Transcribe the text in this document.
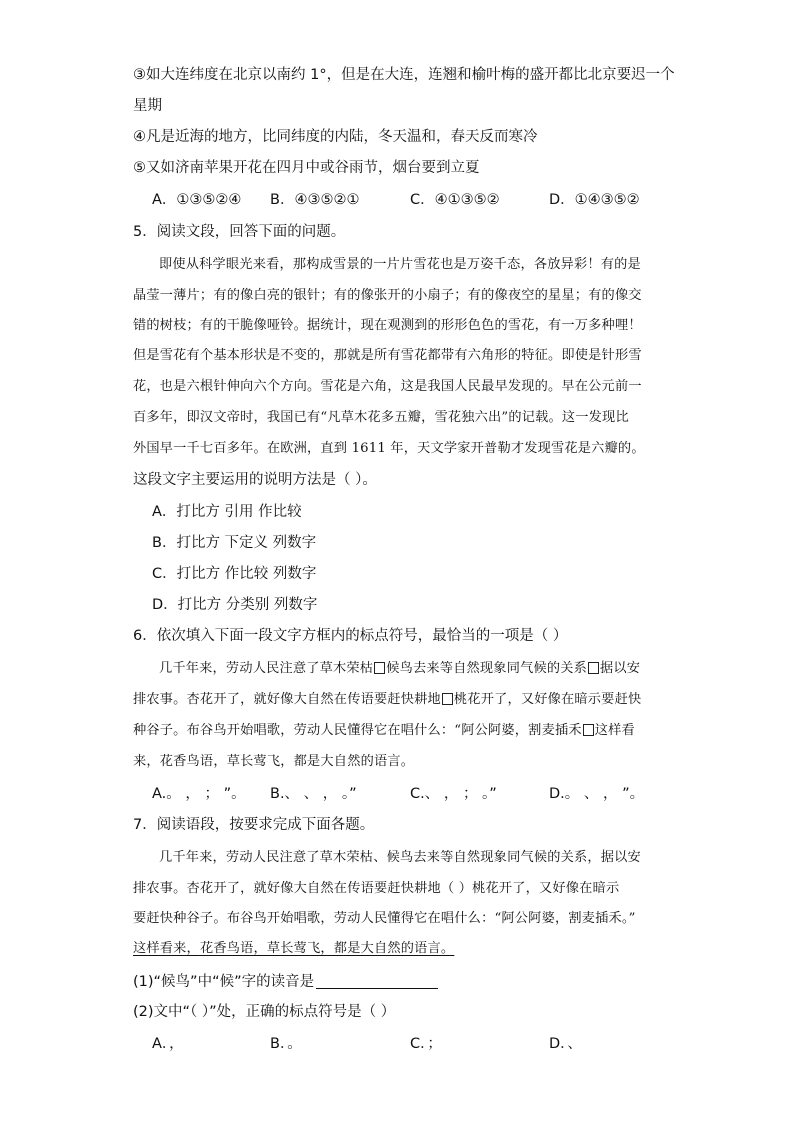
③如大连纬度在北京以南约 1°，但是在大连，连翘和榆叶梅的盛开都比北京要迟一个
星期
④凡是近海的地方，比同纬度的内陆，冬天温和，春天反而寒冷
⑤又如济南苹果开花在四月中或谷雨节，烟台要到立夏
A．①③⑤②④ B．④③⑤②①	C．④①③⑤②	D．①④③⑤②
5．阅读文段，回答下面的问题。
即使从科学眼光来看，那构成雪景的一片片雪花也是万姿千态，各放异彩！有的是
晶莹一薄片；有的像白亮的银针；有的像张开的小扇子；有的像夜空的星星；有的像交
错的树枝；有的干脆像哑铃。据统计，现在观测到的形形色色的雪花，有一万多种哩！
但是雪花有个基本形状是不变的，那就是所有雪花都带有六角形的特征。即使是针形雪
花，也是六根针伸向六个方向。雪花是六角，这是我国人民最早发现的。早在公元前一
百多年，即汉文帝时，我国已有“凡草木花多五瓣，雪花独六出”的记载。这一发现比
外国早一千七百多年。在欧洲，直到 1611 年，天文学家开普勒才发现雪花是六瓣的。
这段文字主要运用的说明方法是（ ）。
A．打比方 引用 作比较
B．打比方 下定义 列数字
C．打比方 作比较 列数字
D．打比方 分类别 列数字
6．依次填入下面一段文字方框内的标点符号，最恰当的一项是（ ）
几千年来，劳动人民注意了草木荣枯 候鸟去来等自然现象同气候的关系 据以安
排农事。杏花开了，就好像大自然在传语要赶快耕地 桃花开了，又好像在暗示要赶快
种谷子。布谷鸟开始唱歌，劳动人民懂得它在唱什么：“阿公阿婆，割麦插禾 这样看
来，花香鸟语，草长莺飞，都是大自然的语言。
A.。 ， ； ”。 B.、 、 ， 。”	C.、 ， ； 。”	D.。 、 ， ”。
7．阅读语段，按要求完成下面各题。
几千年来，劳动人民注意了草木荣枯、候鸟去来等自然现象同气候的关系，据以安
排农事。杏花开了，就好像大自然在传语要赶快耕地（ ）桃花开了，又好像在暗示
要赶快种谷子。布谷鸟开始唱歌，劳动人民懂得它在唱什么：“阿公阿婆，割麦插禾。”
这样看来，花香鸟语，草长莺飞，都是大自然的语言。
(1)“候鸟”中“候”字的读音是
(2)文中“（ ）”处，正确的标点符号是（ ）
A．，	B．。	C．；	D．、
